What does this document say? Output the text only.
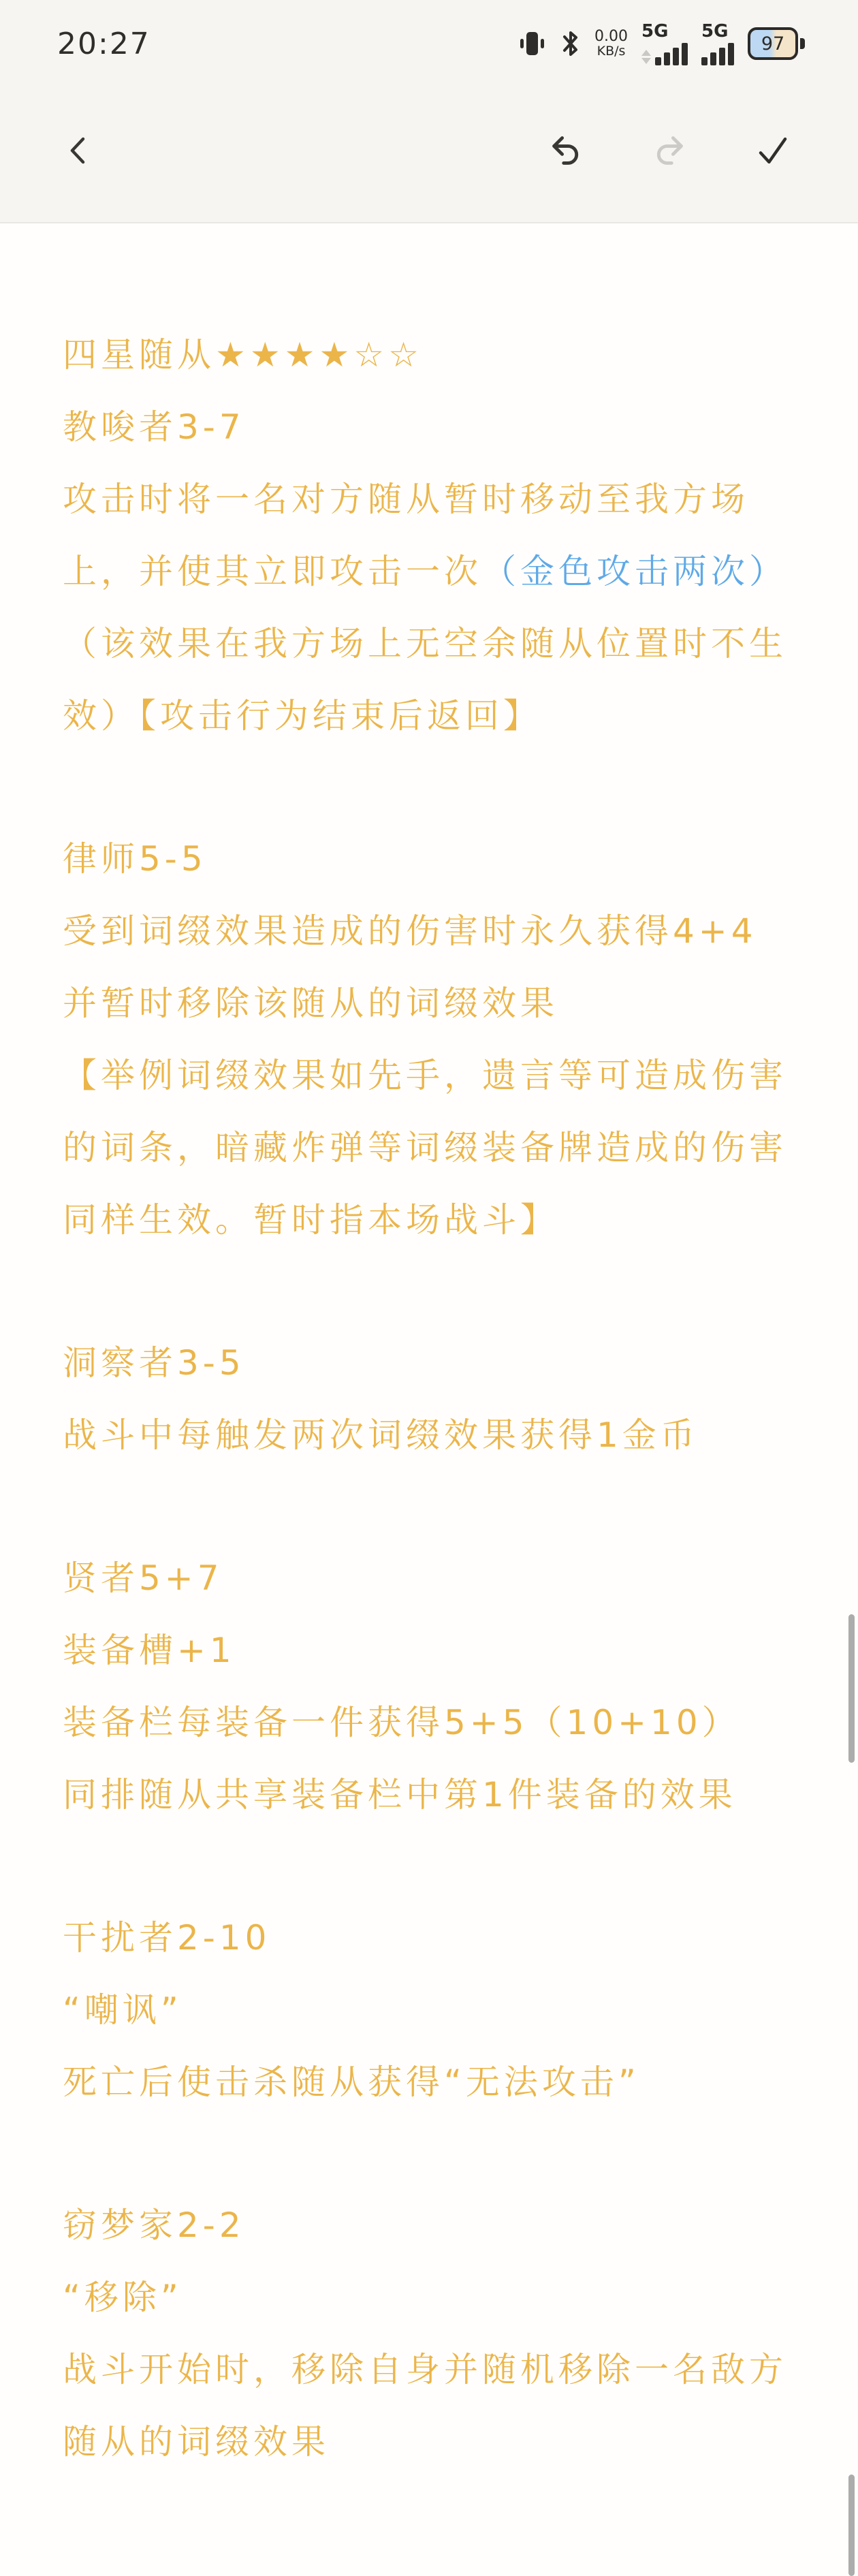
20:27	0.00
KB/s
5G 5G
97
四星随从★★★★☆☆
教唆者3-7
攻击时将一名对方随从暂时移动至我方场
上，并使其立即攻击一次（金色攻击两次）
（该效果在我方场上无空余随从位置时不生
效）【攻击行为结束后返回】
律师5-5
受到词缀效果造成的伤害时永久获得4+4
并暂时移除该随从的词缀效果
【举例词缀效果如先手，遗言等可造成伤害
的词条，暗藏炸弹等词缀装备牌造成的伤害
同样生效。暂时指本场战斗】
洞察者3-5
战斗中每触发两次词缀效果获得1金币
贤者5+7
装备槽+1
装备栏每装备一件获得5+5（10+10）
同排随从共享装备栏中第1件装备的效果
干扰者2-10
“嘲讽”
死亡后使击杀随从获得“无法攻击”
窃梦家2-2
“移除”
战斗开始时，移除自身并随机移除一名敌方
随从的词缀效果
